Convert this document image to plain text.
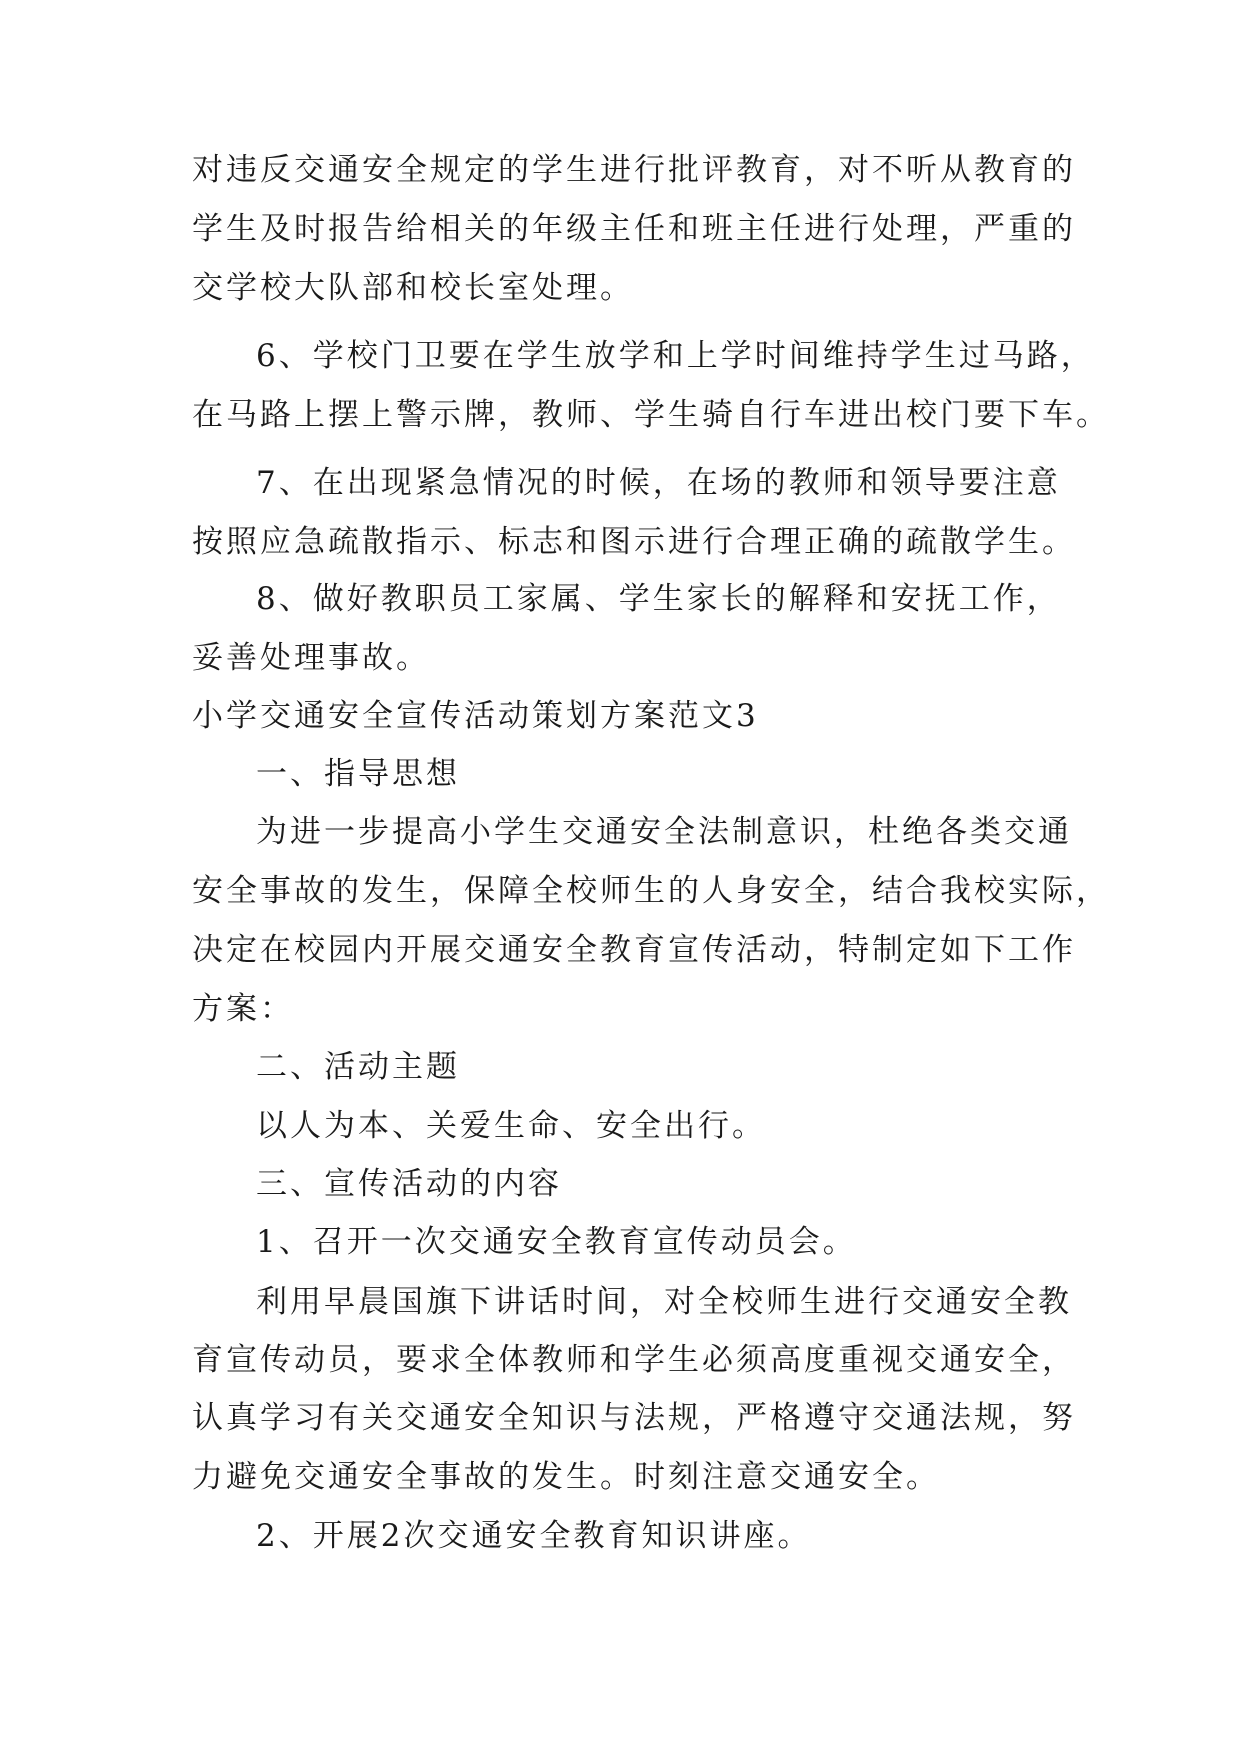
对违反交通安全规定的学生进行批评教育，对不听从教育的
学生及时报告给相关的年级主任和班主任进行处理，严重的
交学校大队部和校长室处理。
6、学校门卫要在学生放学和上学时间维持学生过马路，
在马路上摆上警示牌，教师、学生骑自行车进出校门要下车。
7、在出现紧急情况的时候，在场的教师和领导要注意
按照应急疏散指示、标志和图示进行合理正确的疏散学生。
8、做好教职员工家属、学生家长的解释和安抚工作，
妥善处理事故。
小学交通安全宣传活动策划方案范文3
一、指导思想
为进一步提高小学生交通安全法制意识，杜绝各类交通
安全事故的发生，保障全校师生的人身安全，结合我校实际，
决定在校园内开展交通安全教育宣传活动，特制定如下工作
方案：
二、活动主题
以人为本、关爱生命、安全出行。
三、宣传活动的内容
1、召开一次交通安全教育宣传动员会。
利用早晨国旗下讲话时间，对全校师生进行交通安全教
育宣传动员，要求全体教师和学生必须高度重视交通安全，
认真学习有关交通安全知识与法规，严格遵守交通法规，努
力避免交通安全事故的发生。时刻注意交通安全。
2、开展2次交通安全教育知识讲座。
